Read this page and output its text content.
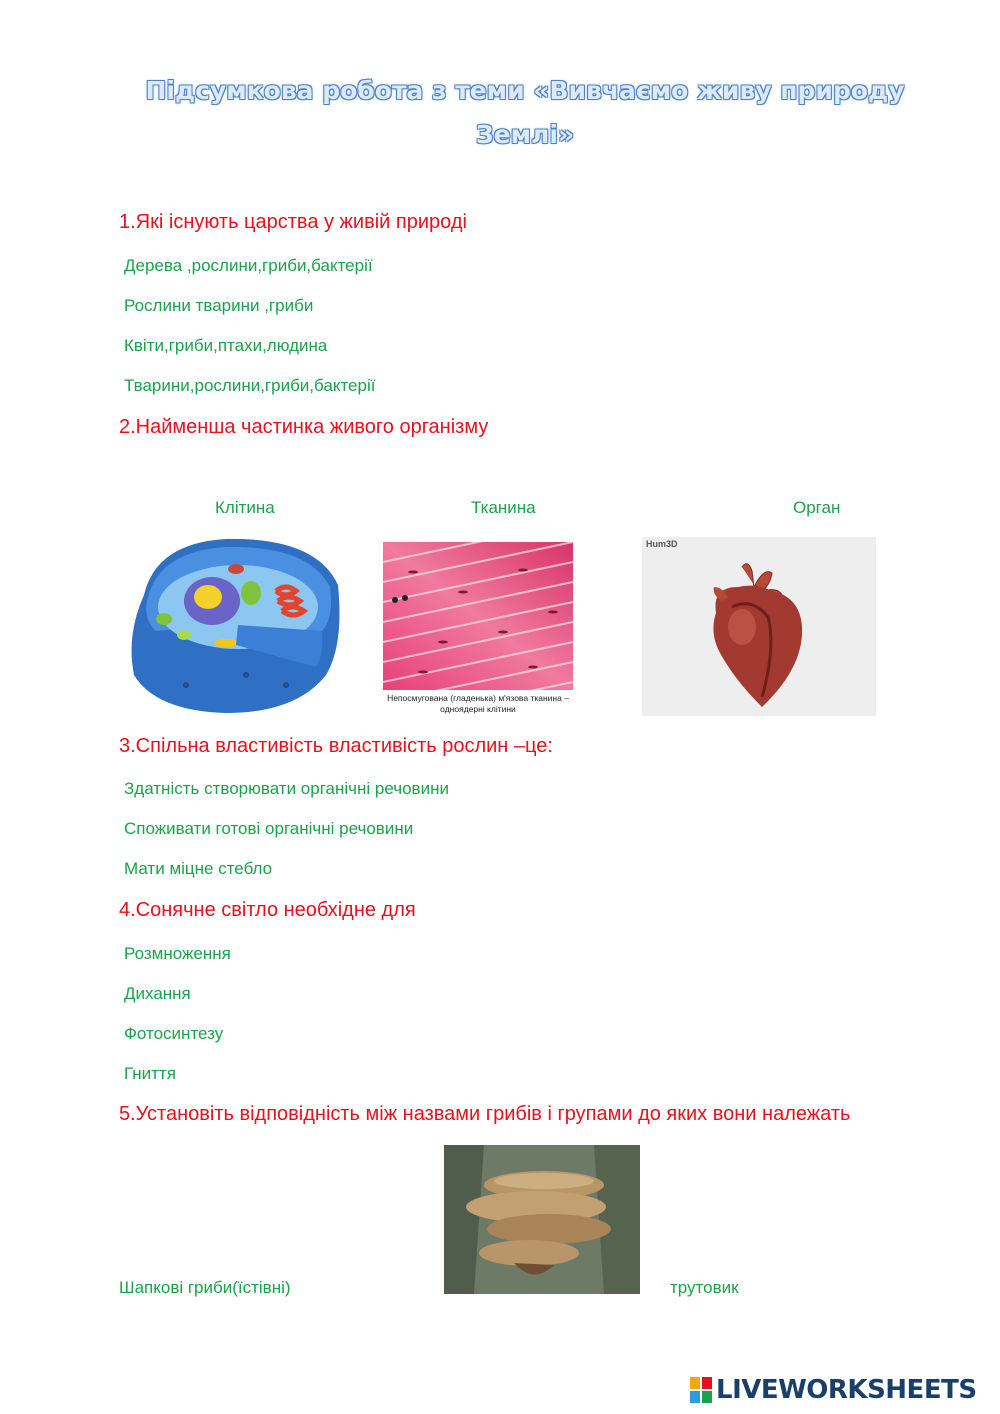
Підсумкова робота з теми «Вивчаємо живу природу
Землі»
1.Які існують царства у живій природі
Дерева ,рослини,гриби,бактерії
Рослини тварини ,гриби
Квіти,гриби,птахи,людина
Тварини,рослини,гриби,бактерії
2.Найменша частинка живого організму
Клітина	Тканина	Орган
Непосмугована (гладенька) м'язова тканина –
одноядерні клітини
Hum3D
3.Спільна властивість властивість рослин –це:
Здатність створювати органічні речовини
Споживати готові органічні речовини
Мати міцне стебло
4.Сонячне світло необхідне для
Розмноження
Дихання
Фотосинтезу
Гниття
5.Установіть відповідність між назвами грибів і групами до яких вони належать
Шапкові гриби(їстівні)	трутовик
LIVEWORKSHEETS
